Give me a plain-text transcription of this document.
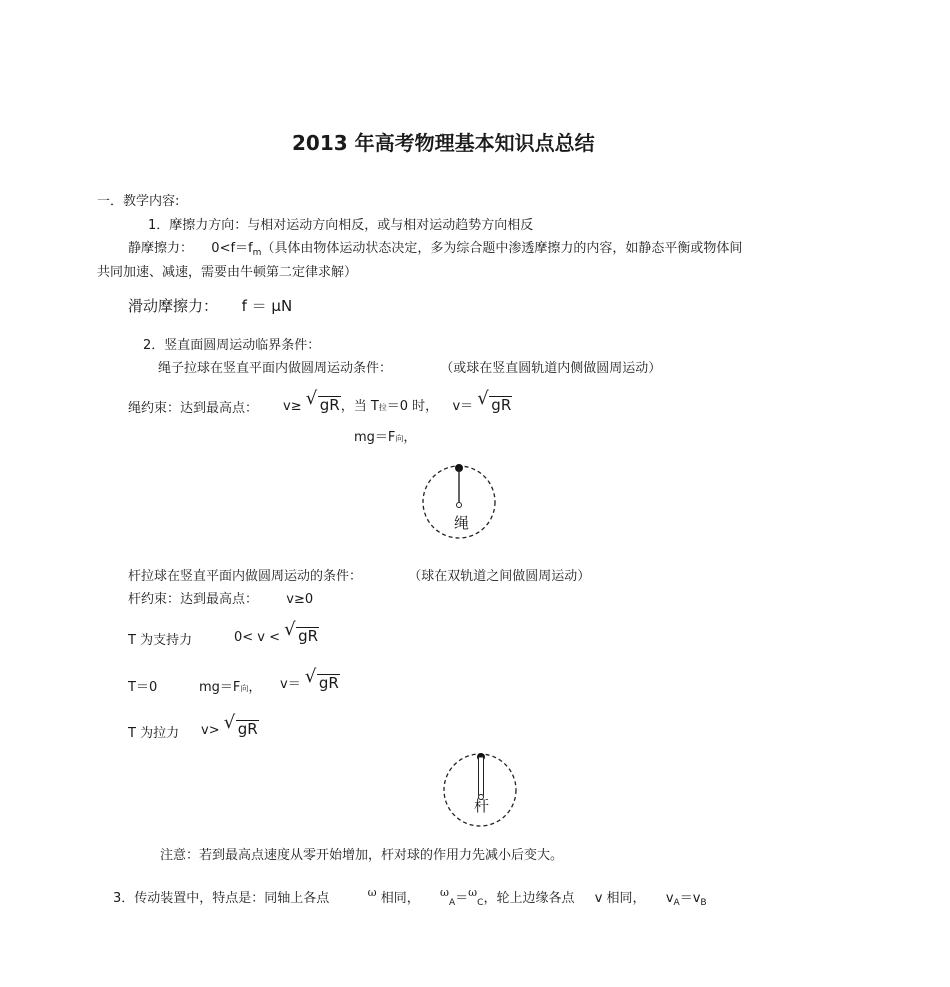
2013 年高考物理基本知识点总结
一．教学内容:
1．摩擦力方向：与相对运动方向相反，或与相对运动趋势方向相反
静摩擦力： $0<f=f_m$（具体由物体运动状态决定，多为综合题中渗透摩擦力的内容，如静态平衡或物体间
共同加速、减速，需要由牛顿第二定律求解）
滑动摩擦力： f ＝ μN
2．竖直面圆周运动临界条件：
绳子拉球在竖直平面内做圆周运动条件：	（或球在竖直圆轨道内侧做圆周运动）
绳约束：达到最高点： v≥ √ gR，当 T拉＝0 时， v＝ √ gR
mg＝F向，
绳
杆拉球在竖直平面内做圆周运动的条件：	（球在双轨道之间做圆周运动）
杆约束：达到最高点： v≥0
T 为支持力	0< v < √ gR
T＝0	mg＝F向， v＝ √ gR
T 为拉力 v> √ gR
杆
注意：若到最高点速度从零开始增加，杆对球的作用力先减小后变大。
3．传动装置中，特点是：同轴上各点	$^\omega$ 相同， $^\omega_A$＝$^\omega_C$，轮上边缘各点 v 相同， $v_A=v_B$
